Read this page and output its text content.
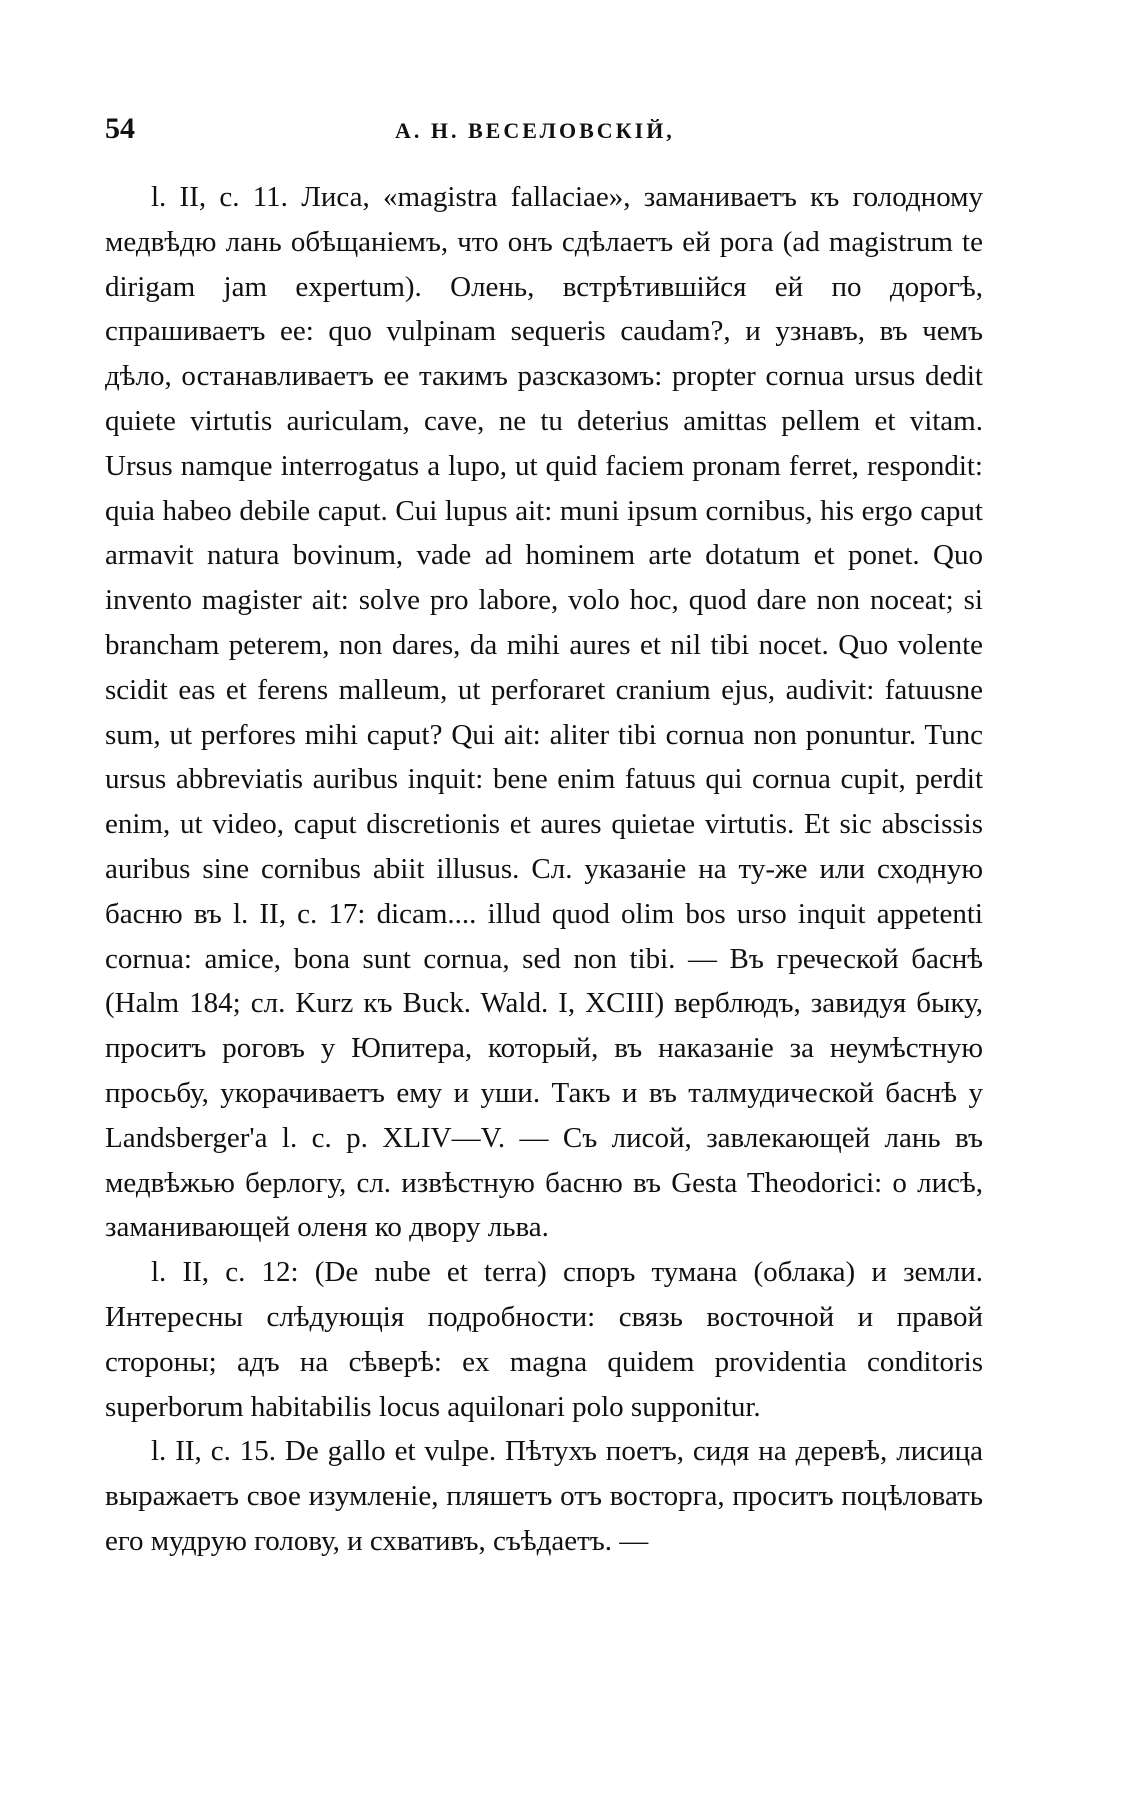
54	А. Н. ВЕСЕЛОВСКІЙ,

l. II, c. 11. Лиса, «magistra fallaciae», заманиваетъ къ голодному медвѣдю лань обѣщаніемъ, что онъ сдѣлаетъ ей рога (ad magistrum te dirigam jam expertum). Олень, встрѣтившійся ей по дорогѣ, спрашиваетъ ее: quo vulpinam sequeris caudam?, и узнавъ, въ чемъ дѣло, останавливаетъ ее такимъ разсказомъ: propter cornua ursus dedit quiete virtutis auriculam, cave, ne tu deterius amittas pellem et vitam. Ursus namque interrogatus a lupo, ut quid faciem pronam ferret, respondit: quia habeo debile caput. Cui lupus ait: muni ipsum cornibus, his ergo caput armavit natura bovinum, vade ad hominem arte dotatum et ponet. Quo invento magister ait: solve pro labore, volo hoc, quod dare non noceat; si brancham peterem, non dares, da mihi aures et nil tibi nocet. Quo volente scidit eas et ferens malleum, ut perforaret cranium ejus, audivit: fatuusne sum, ut perfores mihi caput? Qui ait: aliter tibi cornua non ponuntur. Tunc ursus abbreviatis auribus inquit: bene enim fatuus qui cornua cupit, perdit enim, ut video, caput discretionis et aures quietae virtutis. Et sic abscissis auribus sine cornibus abiit illusus. Сл. указаніе на ту-же или сходную басню въ l. II, c. 17: dicam.... illud quod olim bos urso inquit appetenti cornua: amice, bona sunt cornua, sed non tibi. — Въ греческой баснѣ (Halm 184; сл. Kurz къ Buck. Wald. I, XCIII) верблюдъ, завидуя быку, проситъ роговъ у Юпитера, который, въ наказаніе за неумѣстную просьбу, укорачиваетъ ему и уши. Такъ и въ талмудической баснѣ у Landsberger'а l. c. p. XLIV—V. — Съ лисой, завлекающей лань въ медвѣжью берлогу, сл. извѣстную басню въ Gesta Theodorici: о лисѣ, заманивающей оленя ко двору льва.

l. II, c. 12: (De nube et terra) споръ тумана (облака) и земли. Интересны слѣдующія подробности: связь восточной и правой стороны; адъ на сѣверѣ: ex magna quidem providentia conditoris superborum habitabilis locus aquilonari polo supponitur.

l. II, c. 15. De gallo et vulpe. Пѣтухъ поетъ, сидя на деревѣ, лисица выражаетъ свое изумленіе, пляшетъ отъ восторга, проситъ поцѣловать его мудрую голову, и схвативъ, съѣдаетъ. —
